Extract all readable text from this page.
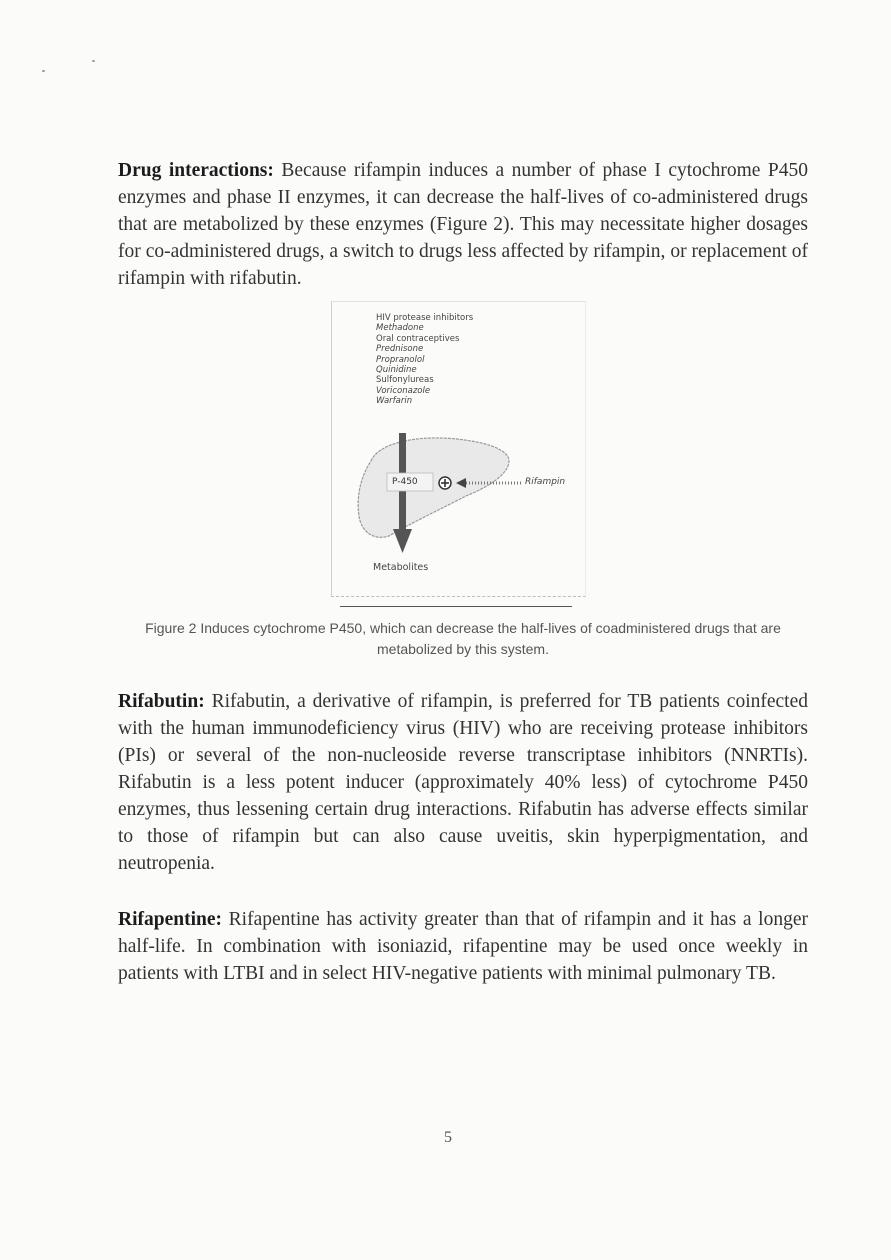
Drug interactions: Because rifampin induces a number of phase I cytochrome P450 enzymes and phase II enzymes, it can decrease the half-lives of co-administered drugs that are metabolized by these enzymes (Figure 2). This may necessitate higher dosages for co-administered drugs, a switch to drugs less affected by rifampin, or replacement of rifampin with rifabutin.

HIV protease inhibitors
Methadone
Oral contraceptives
Prednisone
Propranolol
Quinidine
Sulfonylureas
Voriconazole
Warfarin
P-450	Rifampin
Metabolites
Figure 2 Induces cytochrome P450, which can decrease the half-lives of coadministered drugs that are metabolized by this system.

Rifabutin: Rifabutin, a derivative of rifampin, is preferred for TB patients coinfected with the human immunodeficiency virus (HIV) who are receiving protease inhibitors (PIs) or several of the non-nucleoside reverse transcriptase inhibitors (NNRTIs). Rifabutin is a less potent inducer (approximately 40% less) of cytochrome P450 enzymes, thus lessening certain drug interactions. Rifabutin has adverse effects similar to those of rifampin but can also cause uveitis, skin hyperpigmentation, and neutropenia.

Rifapentine: Rifapentine has activity greater than that of rifampin and it has a longer half-life. In combination with isoniazid, rifapentine may be used once weekly in patients with LTBI and in select HIV-negative patients with minimal pulmonary TB.

5
